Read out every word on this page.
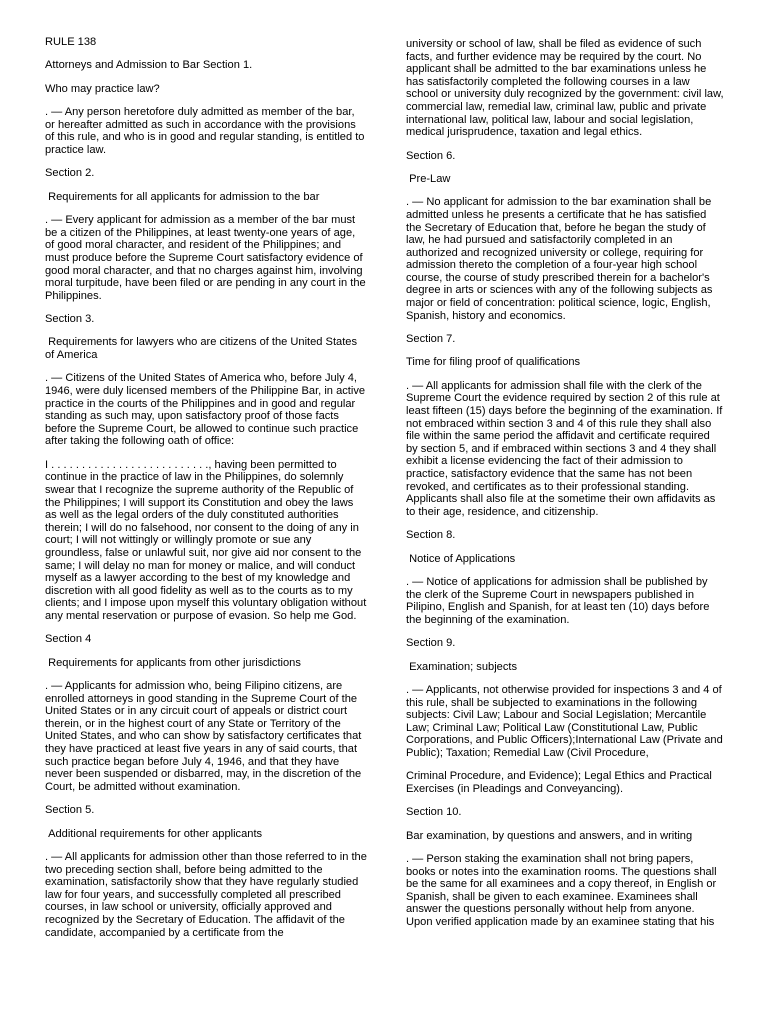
RULE 138

Attorneys and Admission to Bar Section 1.

Who may practice law?

. — Any person heretofore duly admitted as member of the bar, or hereafter admitted as such in accordance with the provisions of this rule, and who is in good and regular standing, is entitled to practice law.

Section 2.

Requirements for all applicants for admission to the bar

. — Every applicant for admission as a member of the bar must be a citizen of the Philippines, at least twenty-one years of age, of good moral character, and resident of the Philippines; and must produce before the Supreme Court satisfactory evidence of good moral character, and that no charges against him, involving moral turpitude, have been filed or are pending in any court in the Philippines.

Section 3.

Requirements for lawyers who are citizens of the United States of America

. — Citizens of the United States of America who, before July 4, 1946, were duly licensed members of the Philippine Bar, in active practice in the courts of the Philippines and in good and regular standing as such may, upon satisfactory proof of those facts before the Supreme Court, be allowed to continue such practice after taking the following oath of office:

I . . . . . . . . . . . . . . . . . . . . . . . . . ., having been permitted to continue in the practice of law in the Philippines, do solemnly swear that I recognize the supreme authority of the Republic of the Philippines; I will support its Constitution and obey the laws as well as the legal orders of the duly constituted authorities therein; I will do no falsehood, nor consent to the doing of any in court; I will not wittingly or willingly promote or sue any groundless, false or unlawful suit, nor give aid nor consent to the same; I will delay no man for money or malice, and will conduct myself as a lawyer according to the best of my knowledge and discretion with all good fidelity as well as to the courts as to my clients; and I impose upon myself this voluntary obligation without any mental reservation or purpose of evasion. So help me God.

Section 4

Requirements for applicants from other jurisdictions

. — Applicants for admission who, being Filipino citizens, are enrolled attorneys in good standing in the Supreme Court of the United States or in any circuit court of appeals or district court therein, or in the highest court of any State or Territory of the United States, and who can show by satisfactory certificates that they have practiced at least five years in any of said courts, that such practice began before July 4, 1946, and that they have never been suspended or disbarred, may, in the discretion of the Court, be admitted without examination.

Section 5.

Additional requirements for other applicants

. — All applicants for admission other than those referred to in the two preceding section shall, before being admitted to the examination, satisfactorily show that they have regularly studied law for four years, and successfully completed all prescribed courses, in law school or university, officially approved and recognized by the Secretary of Education. The affidavit of the candidate, accompanied by a certificate from the

university or school of law, shall be filed as evidence of such facts, and further evidence may be required by the court. No applicant shall be admitted to the bar examinations unless he has satisfactorily completed the following courses in a law school or university duly recognized by the government: civil law, commercial law, remedial law, criminal law, public and private international law, political law, labour and social legislation, medical jurisprudence, taxation and legal ethics.

Section 6.

Pre-Law

. — No applicant for admission to the bar examination shall be admitted unless he presents a certificate that he has satisfied the Secretary of Education that, before he began the study of law, he had pursued and satisfactorily completed in an authorized and recognized university or college, requiring for admission thereto the completion of a four-year high school course, the course of study prescribed therein for a bachelor's degree in arts or sciences with any of the following subjects as major or field of concentration: political science, logic, English, Spanish, history and economics.

Section 7.

Time for filing proof of qualifications

. — All applicants for admission shall file with the clerk of the Supreme Court the evidence required by section 2 of this rule at least fifteen (15) days before the beginning of the examination. If not embraced within section 3 and 4 of this rule they shall also file within the same period the affidavit and certificate required by section 5, and if embraced within sections 3 and 4 they shall exhibit a license evidencing the fact of their admission to practice, satisfactory evidence that the same has not been revoked, and certificates as to their professional standing. Applicants shall also file at the sometime their own affidavits as to their age, residence, and citizenship.

Section 8.

Notice of Applications

. — Notice of applications for admission shall be published by the clerk of the Supreme Court in newspapers published in Pilipino, English and Spanish, for at least ten (10) days before the beginning of the examination.

Section 9.

Examination; subjects

. — Applicants, not otherwise provided for inspections 3 and 4 of this rule, shall be subjected to examinations in the following subjects: Civil Law; Labour and Social Legislation; Mercantile Law; Criminal Law; Political Law (Constitutional Law, Public Corporations, and Public Officers);International Law (Private and Public); Taxation; Remedial Law (Civil Procedure,

Criminal Procedure, and Evidence); Legal Ethics and Practical Exercises (in Pleadings and Conveyancing).

Section 10.

Bar examination, by questions and answers, and in writing

. — Person staking the examination shall not bring papers, books or notes into the examination rooms. The questions shall be the same for all examinees and a copy thereof, in English or Spanish, shall be given to each examinee. Examinees shall answer the questions personally without help from anyone. Upon verified application made by an examinee stating that his
